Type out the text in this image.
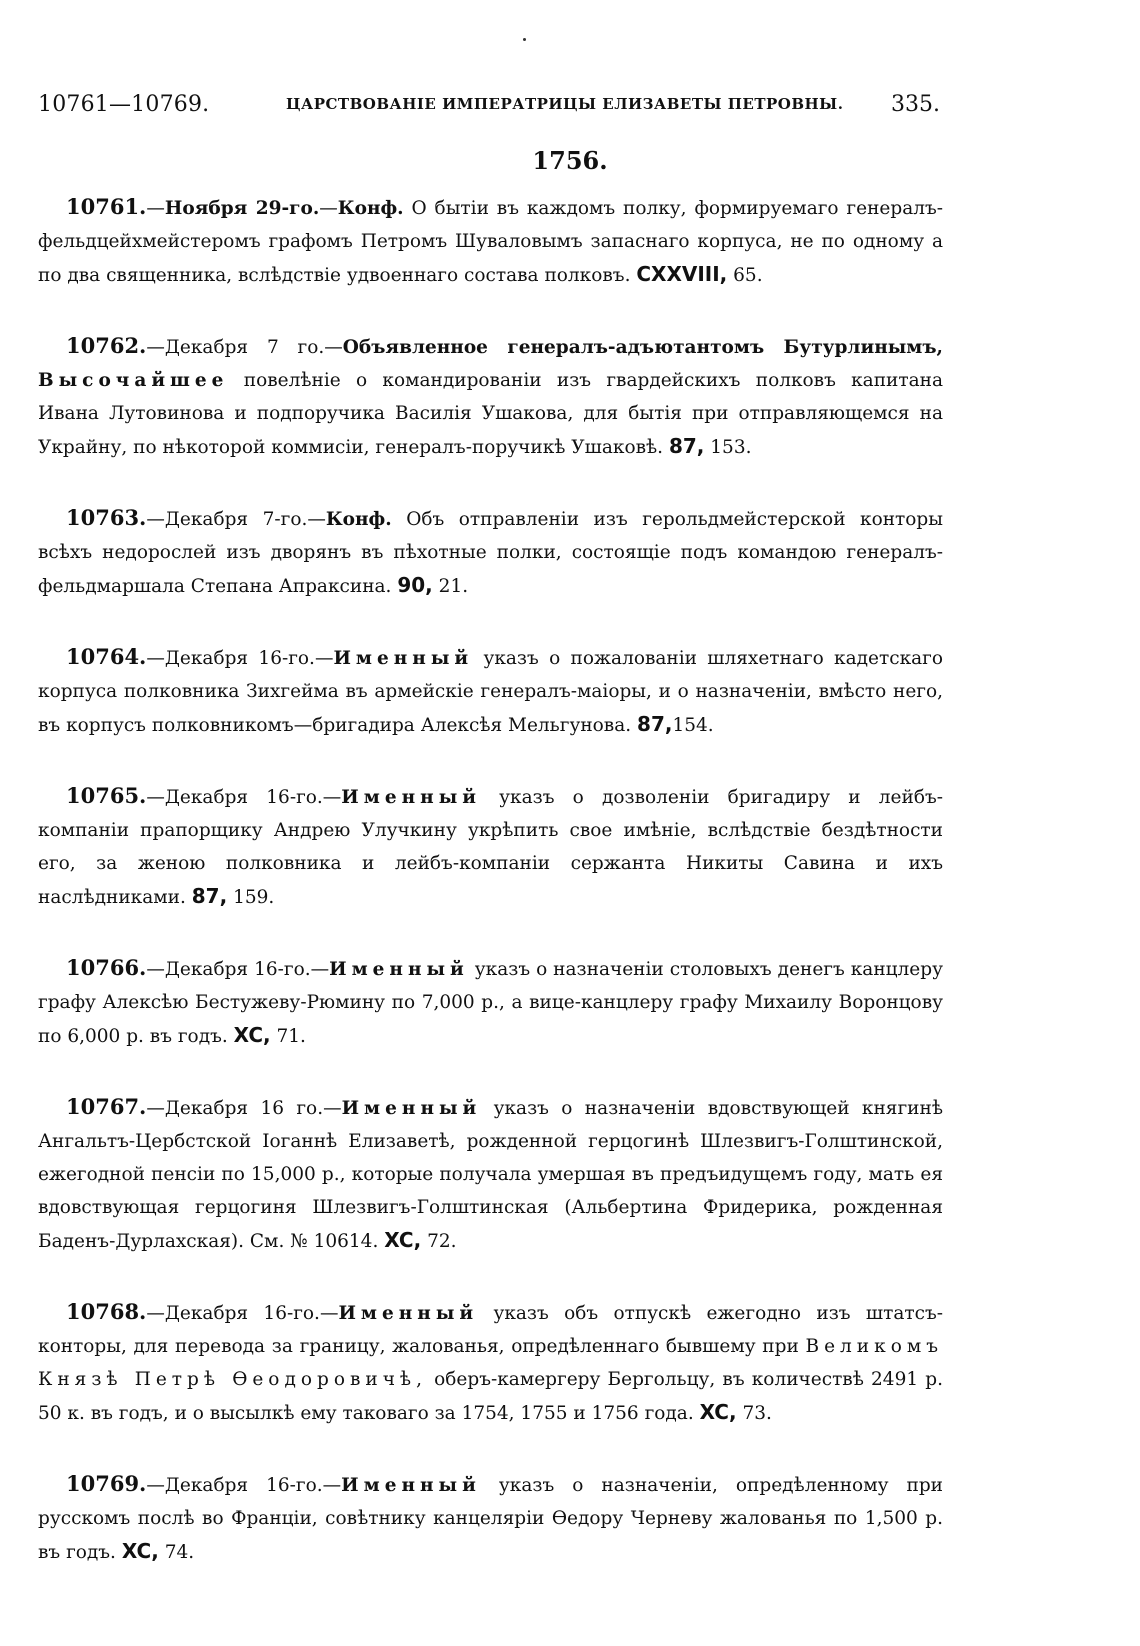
10761—10769.	ЦАРСТВОВАНІЕ ИМПЕРАТРИЦЫ ЕЛИЗАВЕТЫ ПЕТРОВНЫ. 335.
1756.

10761.—Ноября 29-го.—Конф. О бытіи въ каждомъ полку, формируемаго генералъ-фельдцейхмейстеромъ графомъ Петромъ Шуваловымъ запаснаго корпуса, не по одному а по два священника, вслѣдствіе удвоеннаго состава полковъ. CXXVIII, 65.

10762.—Декабря 7 го.—Объявленное генералъ-адъютантомъ Бутурлинымъ, Высочайшее повелѣніе о командированіи изъ гвардейскихъ полковъ капитана Ивана Лутовинова и подпоручика Василія Ушакова, для бытія при отправляющемся на Украйну, по нѣкоторой коммисіи, генералъ-поручикѣ Ушаковѣ. 87, 153.

10763.—Декабря 7-го.—Конф. Объ отправленіи изъ герольдмейстерской конторы всѣхъ недорослей изъ дворянъ въ пѣхотные полки, состоящіе подъ командою генералъ-фельдмаршала Степана Апраксина. 90, 21.

10764.—Декабря 16-го.—Именный указъ о пожалованіи шляхетнаго кадетскаго корпуса полковника Зихгейма въ армейскіе генералъ-маіоры, и о назначеніи, вмѣсто него, въ корпусъ полковникомъ—бригадира Алексѣя Мельгунова. 87,154.

10765.—Декабря 16-го.—Именный указъ о дозволеніи бригадиру и лейбъ-компаніи прапорщику Андрею Улучкину укрѣпить свое имѣніе, вслѣдствіе бездѣтности его, за женою полковника и лейбъ-компаніи сержанта Никиты Савина и ихъ наслѣдниками. 87, 159.

10766.—Декабря 16-го.—Именный указъ о назначеніи столовыхъ денегъ канцлеру графу Алексѣю Бестужеву-Рюмину по 7,000 р., а вице-канцлеру графу Михаилу Воронцову по 6,000 р. въ годъ. XC, 71.

10767.—Декабря 16 го.—Именный указъ о назначеніи вдовствующей княгинѣ Ангальтъ-Цербстской Іоганнѣ Елизаветѣ, рожденной герцогинѣ Шлезвигъ-Голштинской, ежегодной пенсіи по 15,000 р., которые получала умершая въ предъидущемъ году, мать ея вдовствующая герцогиня Шлезвигъ-Голштинская (Альбертина Фридерика, рожденная Баденъ-Дурлахская). См. № 10614. XC, 72.

10768.—Декабря 16-го.—Именный указъ объ отпускѣ ежегодно изъ штатсъ-конторы, для перевода за границу, жалованья, опредѣленнаго бывшему при Великомъ Князѣ Петрѣ Өеодоровичѣ, оберъ-камергеру Бергольцу, въ количествѣ 2491 р. 50 к. въ годъ, и о высылкѣ ему таковаго за 1754, 1755 и 1756 года. XC, 73.

10769.—Декабря 16-го.—Именный указъ о назначеніи, опредѣленному при русскомъ послѣ во Франціи, совѣтнику канцеляріи Өедору Черневу жалованья по 1,500 р. въ годъ. XC, 74.
